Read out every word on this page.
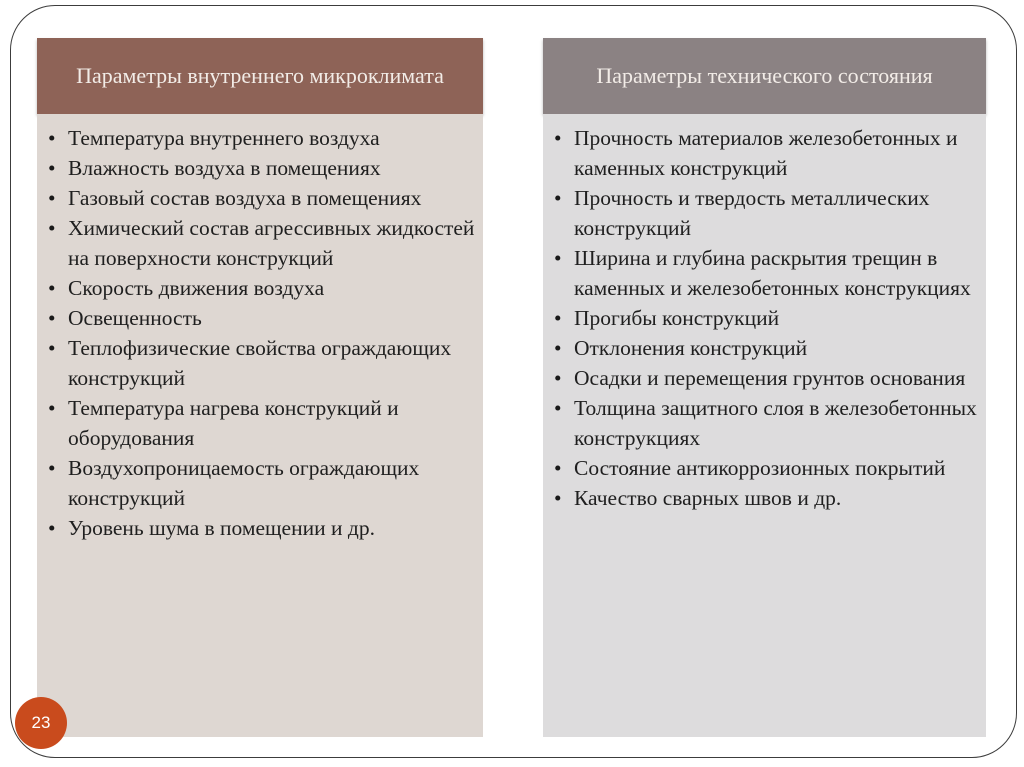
Параметры внутреннего микроклимата
• Температура внутреннего воздуха
• Влажность воздуха в помещениях
• Газовый состав воздуха в помещениях
• Химический состав агрессивных жидкостей на поверхности конструкций
• Скорость движения воздуха
• Освещенность
• Теплофизические свойства ограждающих конструкций
• Температура нагрева конструкций и оборудования
• Воздухопроницаемость ограждающих конструкций
• Уровень шума в помещении и др.
Параметры технического состояния
• Прочность материалов железобетонных и каменных конструкций
• Прочность и твердость металлических конструкций
• Ширина и глубина раскрытия трещин в каменных и железобетонных конструкциях
• Прогибы конструкций
• Отклонения конструкций
• Осадки и перемещения грунтов основания
• Толщина защитного слоя в железобетонных конструкциях
• Состояние антикоррозионных покрытий
• Качество сварных швов и др.
23
